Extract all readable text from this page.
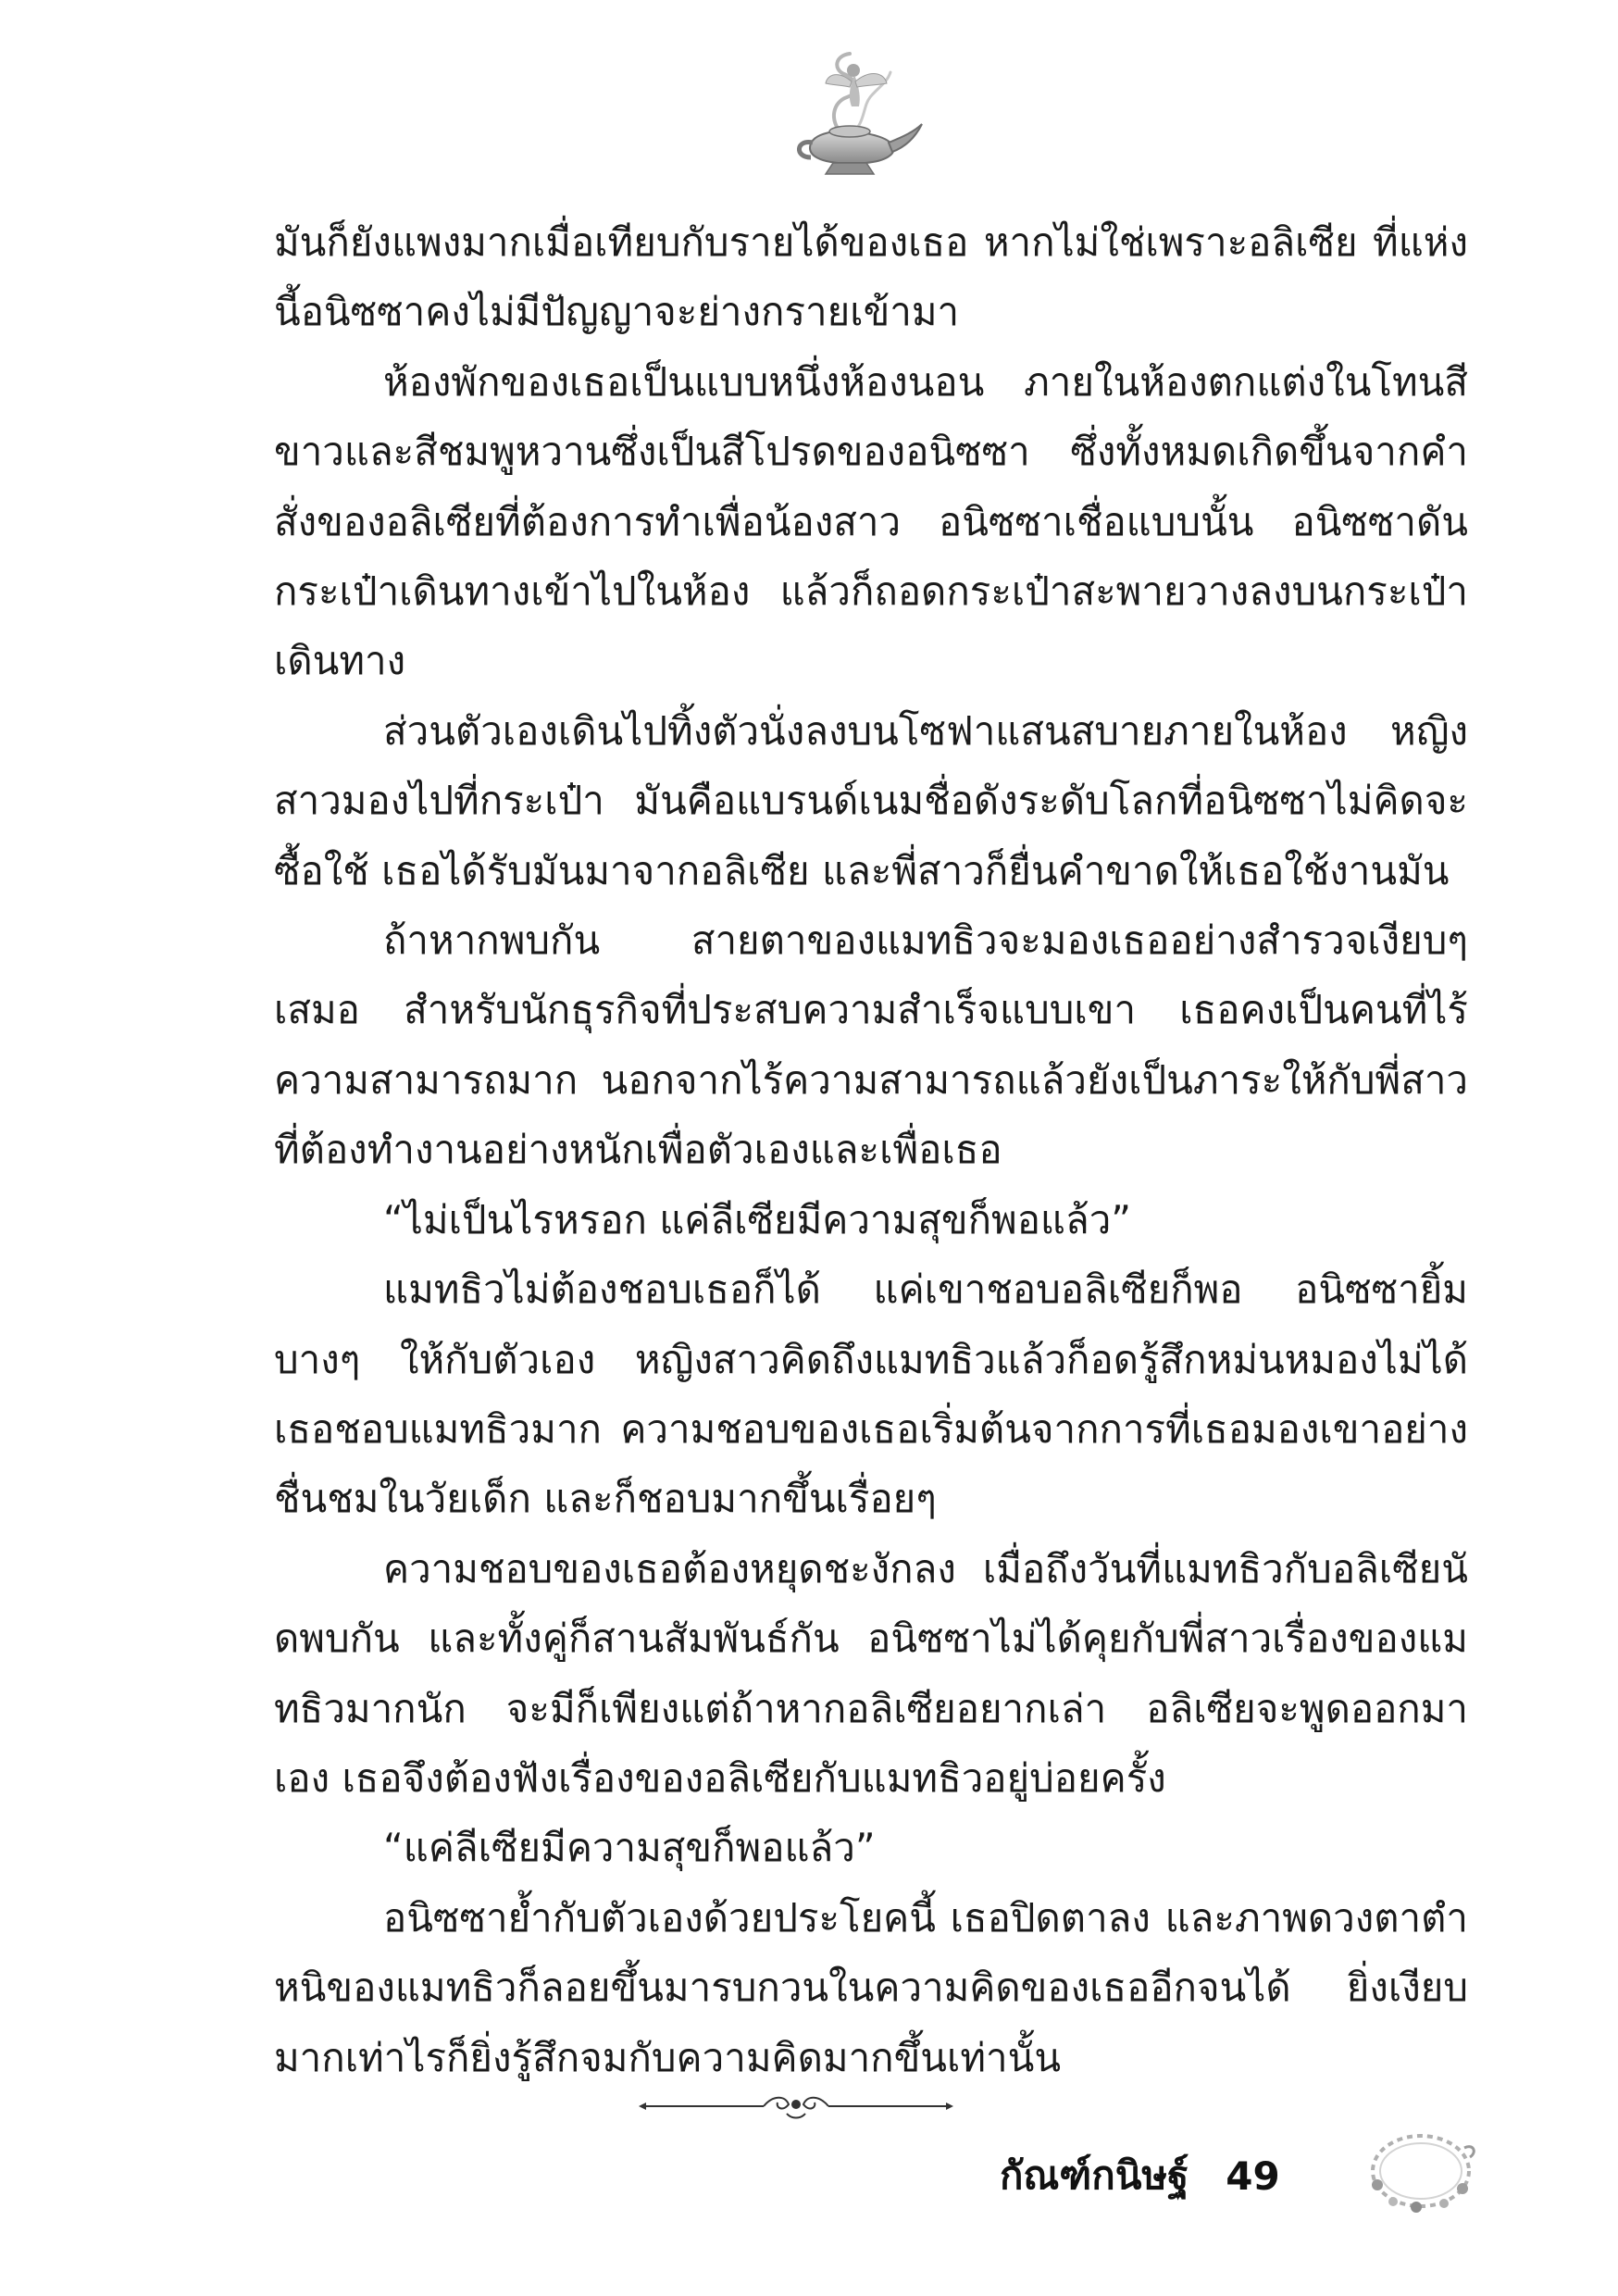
มันก็ยังแพงมากเมื่อเทียบกับรายได้ของเธอ หากไม่ใช่เพราะอลิเซีย ที่แห่งนี้อนิซซาคงไม่มีปัญญาจะย่างกรายเข้ามา

ห้องพักของเธอเป็นแบบหนึ่งห้องนอน ภายในห้องตกแต่งในโทนสีขาวและสีชมพูหวานซึ่งเป็นสีโปรดของอนิซซา ซึ่งทั้งหมดเกิดขึ้นจากคำสั่งของอลิเซียที่ต้องการทำเพื่อน้องสาว อนิซซาเชื่อแบบนั้น อนิซซาดันกระเป๋าเดินทางเข้าไปในห้อง แล้วก็ถอดกระเป๋าสะพายวางลงบนกระเป๋าเดินทาง

ส่วนตัวเองเดินไปทิ้งตัวนั่งลงบนโซฟาแสนสบายภายในห้อง หญิงสาวมองไปที่กระเป๋า มันคือแบรนด์เนมชื่อดังระดับโลกที่อนิซซาไม่คิดจะซื้อใช้ เธอได้รับมันมาจากอลิเซีย และพี่สาวก็ยื่นคำขาดให้เธอใช้งานมัน

ถ้าหากพบกัน สายตาของแมทธิวจะมองเธออย่างสำรวจเงียบๆ เสมอ สำหรับนักธุรกิจที่ประสบความสำเร็จแบบเขา เธอคงเป็นคนที่ไร้ความสามารถมาก นอกจากไร้ความสามารถแล้วยังเป็นภาระให้กับพี่สาวที่ต้องทำงานอย่างหนักเพื่อตัวเองและเพื่อเธอ

“ไม่เป็นไรหรอก แค่ลีเซียมีความสุขก็พอแล้ว”

แมทธิวไม่ต้องชอบเธอก็ได้ แค่เขาชอบอลิเซียก็พอ อนิซซายิ้มบางๆ ให้กับตัวเอง หญิงสาวคิดถึงแมทธิวแล้วก็อดรู้สึกหม่นหมองไม่ได้ เธอชอบแมทธิวมาก ความชอบของเธอเริ่มต้นจากการที่เธอมองเขาอย่างชื่นชมในวัยเด็ก และก็ชอบมากขึ้นเรื่อยๆ

ความชอบของเธอต้องหยุดชะงักลง เมื่อถึงวันที่แมทธิวกับอลิเซียนัดพบกัน และทั้งคู่ก็สานสัมพันธ์กัน อนิซซาไม่ได้คุยกับพี่สาวเรื่องของแมทธิวมากนัก จะมีก็เพียงแต่ถ้าหากอลิเซียอยากเล่า อลิเซียจะพูดออกมาเอง เธอจึงต้องฟังเรื่องของอลิเซียกับแมทธิวอยู่บ่อยครั้ง

“แค่ลีเซียมีความสุขก็พอแล้ว”

อนิซซาย้ำกับตัวเองด้วยประโยคนี้ เธอปิดตาลง และภาพดวงตาตำหนิของแมทธิวก็ลอยขึ้นมารบกวนในความคิดของเธออีกจนได้ ยิ่งเงียบมากเท่าไรก็ยิ่งรู้สึกจมกับความคิดมากขึ้นเท่านั้น

กัณฑ์กนิษฐ์ 49
